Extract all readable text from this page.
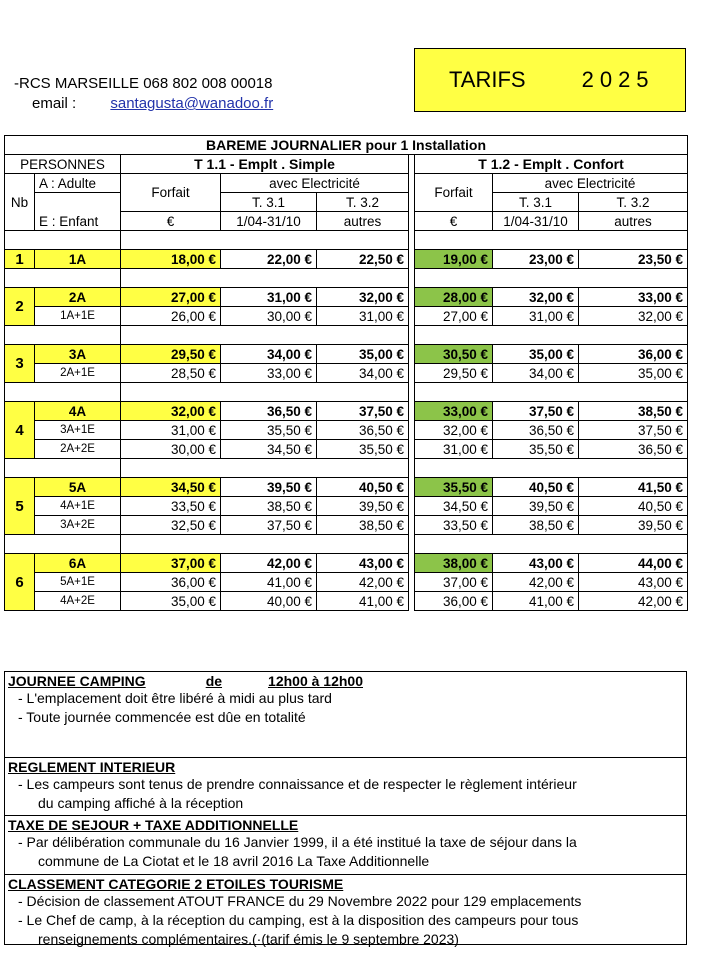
-RCS MARSEILLE 068 802 008 00018
email : santagusta@wanadoo.fr
TARIFS	2025
BAREME JOURNALIER pour 1 Installation								
PERSONNES		T 1.1 - Emplt . Simple				T 1.2 - Emplt . Confort		
Nb	A : Adulte	Forfait	avec Electricité			Forfait	avec Electricité	
	E : Enfant		T. 3.1	T. 3.2			T. 3.1	T. 3.2
		€	1/04-31/10	autres		€	1/04-31/10	autres

1	1A	18,00 €	22,00 €	22,50 €		19,00 €	23,00 €	23,50 €

2	2A	27,00 €	31,00 €	32,00 €		28,00 €	32,00 €	33,00 €
	1A+1E	26,00 €	30,00 €	31,00 €		27,00 €	31,00 €	32,00 €

3	3A	29,50 €	34,00 €	35,00 €		30,50 €	35,00 €	36,00 €
	2A+1E	28,50 €	33,00 €	34,00 €		29,50 €	34,00 €	35,00 €

4	4A	32,00 €	36,50 €	37,50 €		33,00 €	37,50 €	38,50 €
	3A+1E	31,00 €	35,50 €	36,50 €		32,00 €	36,50 €	37,50 €
	2A+2E	30,00 €	34,50 €	35,50 €		31,00 €	35,50 €	36,50 €

5	5A	34,50 €	39,50 €	40,50 €		35,50 €	40,50 €	41,50 €
	4A+1E	33,50 €	38,50 €	39,50 €		34,50 €	39,50 €	40,50 €
	3A+2E	32,50 €	37,50 €	38,50 €		33,50 €	38,50 €	39,50 €

6	6A	37,00 €	42,00 €	43,00 €		38,00 €	43,00 €	44,00 €
	5A+1E	36,00 €	41,00 €	42,00 €		37,00 €	42,00 €	43,00 €
	4A+2E	35,00 €	40,00 €	41,00 €		36,00 €	41,00 €	42,00 €
JOURNEE CAMPING	de	12h00 à 12h00
- L'emplacement doit être libéré à midi au plus tard
- Toute journée commencée est dûe en totalité
REGLEMENT INTERIEUR
- Les campeurs sont tenus de prendre connaissance et de respecter le règlement intérieur
du camping affiché à la réception
TAXE DE SEJOUR + TAXE ADDITIONNELLE
- Par délibération communale du 16 Janvier 1999, il a été institué la taxe de séjour dans la
commune de La Ciotat et le 18 avril 2016 La Taxe Additionnelle
CLASSEMENT CATEGORIE 2 ETOILES TOURISME
- Décision de classement ATOUT FRANCE du 29 Novembre 2022 pour 129 emplacements
- Le Chef de camp, à la réception du camping, est à la disposition des campeurs pour tous
renseignements complémentaires.(·(tarif émis le 9 septembre 2023)
